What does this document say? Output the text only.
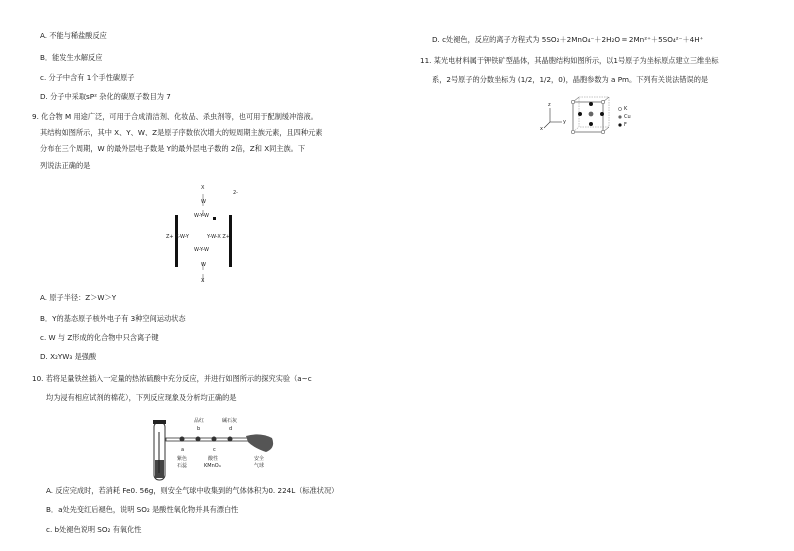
A. 不能与稀盐酸反应
B．能发生水解反应
c. 分子中含有 1个手性碳原子
D. 分子中采取sP² 杂化的碳原子数目为 7
9. 化合物 M 用途广泛，可用于合成清洁剂、化妆品、杀虫剂等，也可用于配制缓冲溶液。
其结构如图所示，其中 X、Y、W、Z是原子序数依次增大的短周期主族元素，且四种元素
分布在三个周期，W 的最外层电子数是 Y的最外层电子数的 2倍，Z和 X同主族。下
列说法正确的是
X
W
2-
W-Y-W
Z+ X-W-Y	Y-W-X Z+
W-Y-W
W
X
A. 原子半径：Z＞W＞Y
B．Y的基态原子核外电子有 3种空间运动状态
c. W 与 Z形成的化合物中只含离子键
D. X₂YW₃ 是强酸
10. 若将足量铁丝插入一定量的热浓硫酸中充分反应，并进行如图所示的探究实验（a~c
均为浸有相应试剂的棉花），下列反应现象及分析均正确的是
品红	碱石灰
b	d
a	c
紫色
石蕊
酸性
KMnO₄
安全
气球
A. 反应完成时，若消耗 Fe0. 56g，则安全气球中收集到的气体体积为0. 224L（标准状况）
B．a处先变红后褪色，说明 SO₂ 是酸性氧化物并具有漂白性
c. b处褪色说明 SO₂ 有氧化性
D. c处褪色，反应的离子方程式为 5SO₂＋2MnO₄⁻＋2H₂O ═ 2Mn²⁺＋5SO₄²⁻＋4H⁺
11. 某光电材料属于钾铁矿型晶体，其晶胞结构如图所示，以1号原子为坐标原点建立三维坐标
系，2号原子的分数坐标为 (1/2，1/2，0)，晶胞参数为 a Pm。下列有关说法错误的是
z
x
y
K
Cu
F
